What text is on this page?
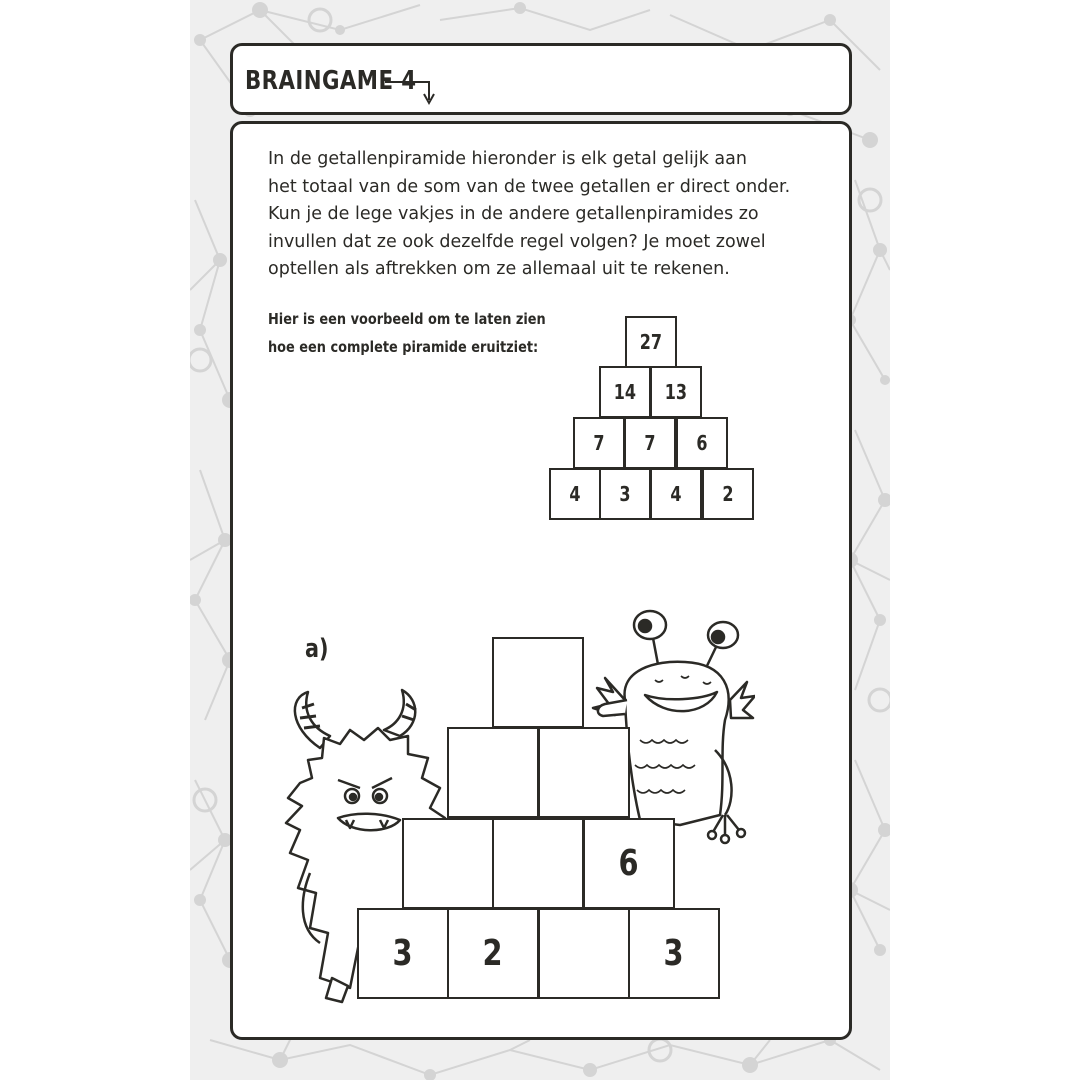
BRAINGAME 4
In de getallenpiramide hieronder is elk getal gelijk aan
het totaal van de som van de twee getallen er direct onder.
Kun je de lege vakjes in de andere getallenpiramides zo
invullen dat ze ook dezelfde regel volgen? Je moet zowel
optellen als aftrekken om ze allemaal uit te rekenen.
Hier is een voorbeeld om te laten zien
hoe een complete piramide eruitziet:	27
14 13
7 7 6
4 3 4 2
a)
6
3 2	3
